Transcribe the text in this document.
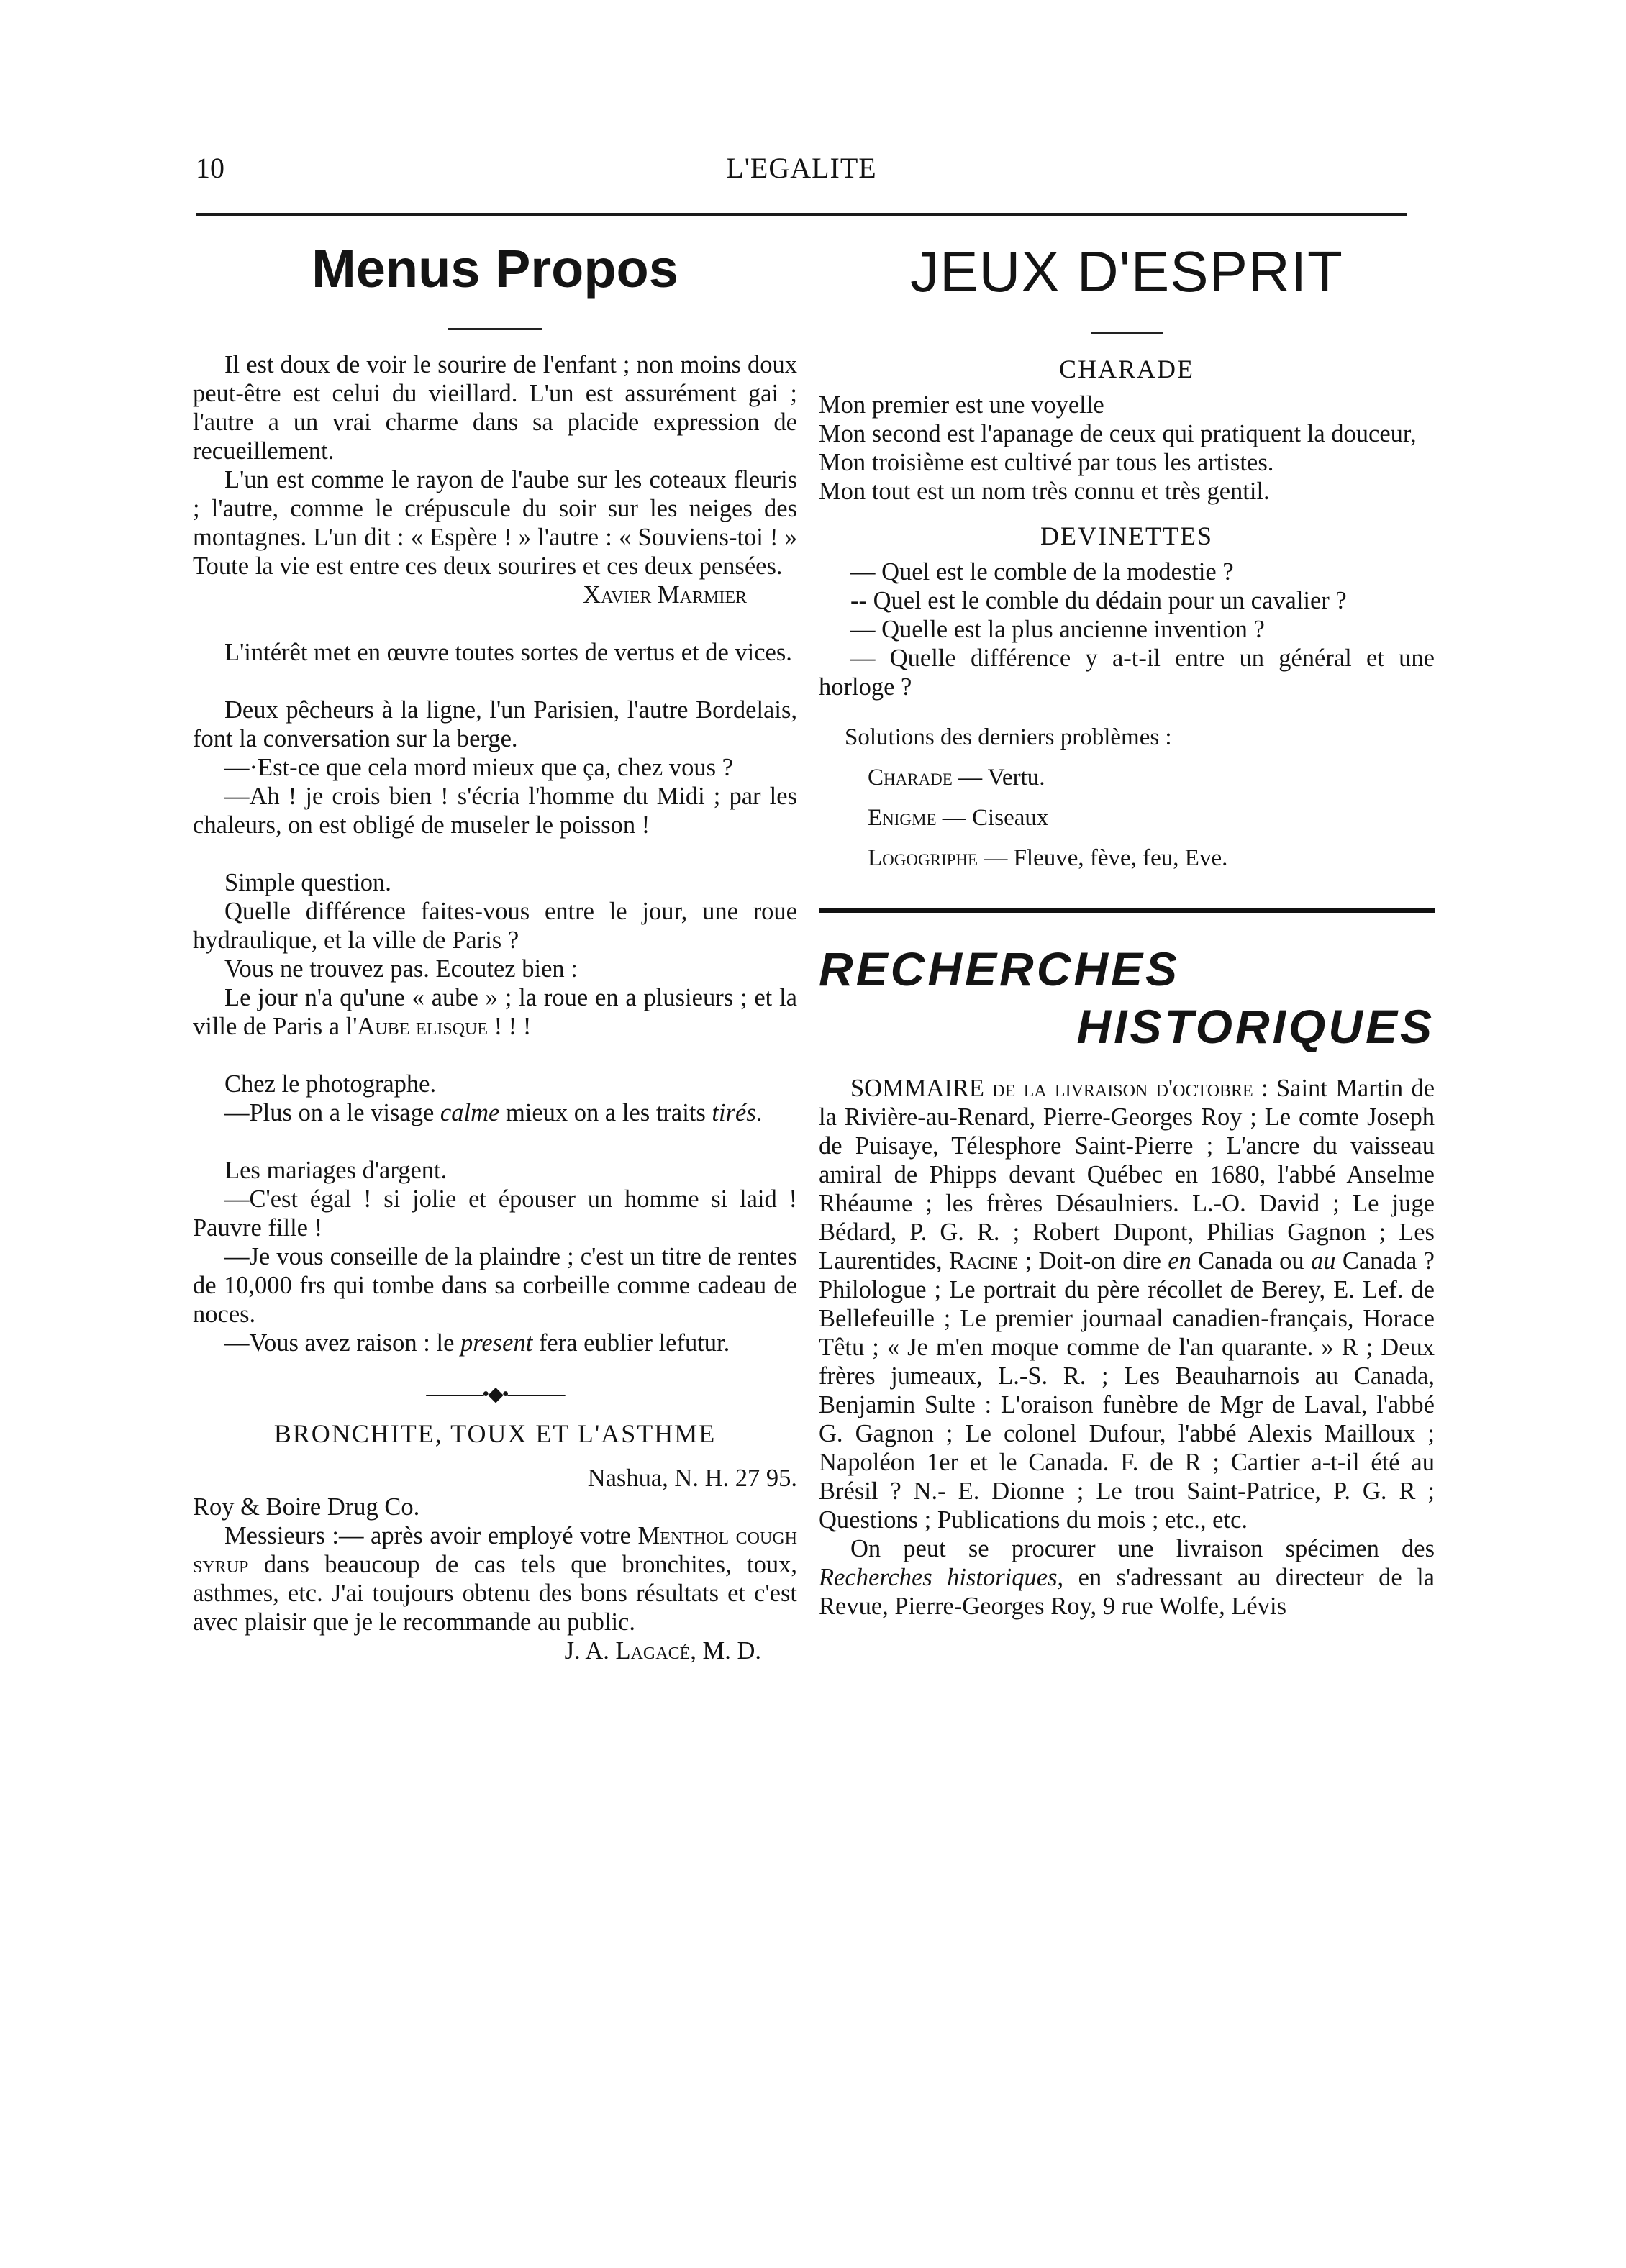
10	L'EGALITE
Menus Propos

Il est doux de voir le sourire de l'enfant ; non moins doux peut-être est celui du vieillard. L'un est assurément gai ; l'autre a un vrai charme dans sa placide expression de recueillement.

L'un est comme le rayon de l'aube sur les coteaux fleuris ; l'autre, comme le crépuscule du soir sur les neiges des montagnes. L'un dit : « Espère ! » l'autre : « Souviens-toi ! » Toute la vie est entre ces deux sourires et ces deux pensées.

Xavier Marmier

L'intérêt met en œuvre toutes sortes de vertus et de vices.

Deux pêcheurs à la ligne, l'un Parisien, l'autre Bordelais, font la conversation sur la berge.

—·Est-ce que cela mord mieux que ça, chez vous ?

—Ah ! je crois bien ! s'écria l'homme du Midi ; par les chaleurs, on est obligé de museler le poisson !

Simple question.

Quelle différence faites-vous entre le jour, une roue hydraulique, et la ville de Paris ?

Vous ne trouvez pas. Ecoutez bien :

Le jour n'a qu'une « aube » ; la roue en a plusieurs ; et la ville de Paris a l'Aube elisque ! ! !

Chez le photographe.

—Plus on a le visage calme mieux on a les traits tirés.

Les mariages d'argent.

—C'est égal ! si jolie et épouser un homme si laid ! Pauvre fille !

—Je vous conseille de la plaindre ; c'est un titre de rentes de 10,000 frs qui tombe dans sa corbeille comme cadeau de noces.

—Vous avez raison : le present fera eublier lefutur.

———•◆•———

BRONCHITE, TOUX ET L'ASTHME

Nashua, N. H. 27 95.

Roy & Boire Drug Co.

Messieurs :— après avoir employé votre Menthol cough syrup dans beaucoup de cas tels que bronchites, toux, asthmes, etc. J'ai toujours obtenu des bons résultats et c'est avec plaisir que je le recommande au public.

J. A. Lagacé, M. D.

JEUX D'ESPRIT

CHARADE

Mon premier est une voyelle

Mon second est l'apanage de ceux qui pratiquent la douceur,

Mon troisième est cultivé par tous les artistes.

Mon tout est un nom très connu et très gentil.

DEVINETTES

— Quel est le comble de la modestie ?

-- Quel est le comble du dédain pour un cavalier ?

— Quelle est la plus ancienne invention ?

— Quelle différence y a-t-il entre un général et une horloge ?

Solutions des derniers problèmes :

Charade — Vertu.

Enigme — Ciseaux

Logogriphe — Fleuve, fève, feu, Eve.

RECHERCHES
HISTORIQUES

SOMMAIRE de la livraison d'octobre : Saint Martin de la Rivière-au-Renard, Pierre-Georges Roy ; Le comte Joseph de Puisaye, Télesphore Saint-Pierre ; L'ancre du vaisseau amiral de Phipps devant Québec en 1680, l'abbé Anselme Rhéaume ; les frères Désaulniers. L.-O. David ; Le juge Bédard, P. G. R. ; Robert Dupont, Philias Gagnon ; Les Laurentides, Racine ; Doit-on dire en Canada ou au Canada ? Philologue ; Le portrait du père récollet de Berey, E. Lef. de Bellefeuille ; Le premier journaal canadien-français, Horace Têtu ; « Je m'en moque comme de l'an quarante. » R ; Deux frères jumeaux, L.-S. R. ; Les Beauharnois au Canada, Benjamin Sulte : L'oraison funèbre de Mgr de Laval, l'abbé G. Gagnon ; Le colonel Dufour, l'abbé Alexis Mailloux ; Napoléon 1er et le Canada. F. de R ; Cartier a-t-il été au Brésil ? N.- E. Dionne ; Le trou Saint-Patrice, P. G. R ; Questions ; Publications du mois ; etc., etc.

On peut se procurer une livraison spécimen des Recherches historiques, en s'adressant au directeur de la Revue, Pierre-Georges Roy, 9 rue Wolfe, Lévis
